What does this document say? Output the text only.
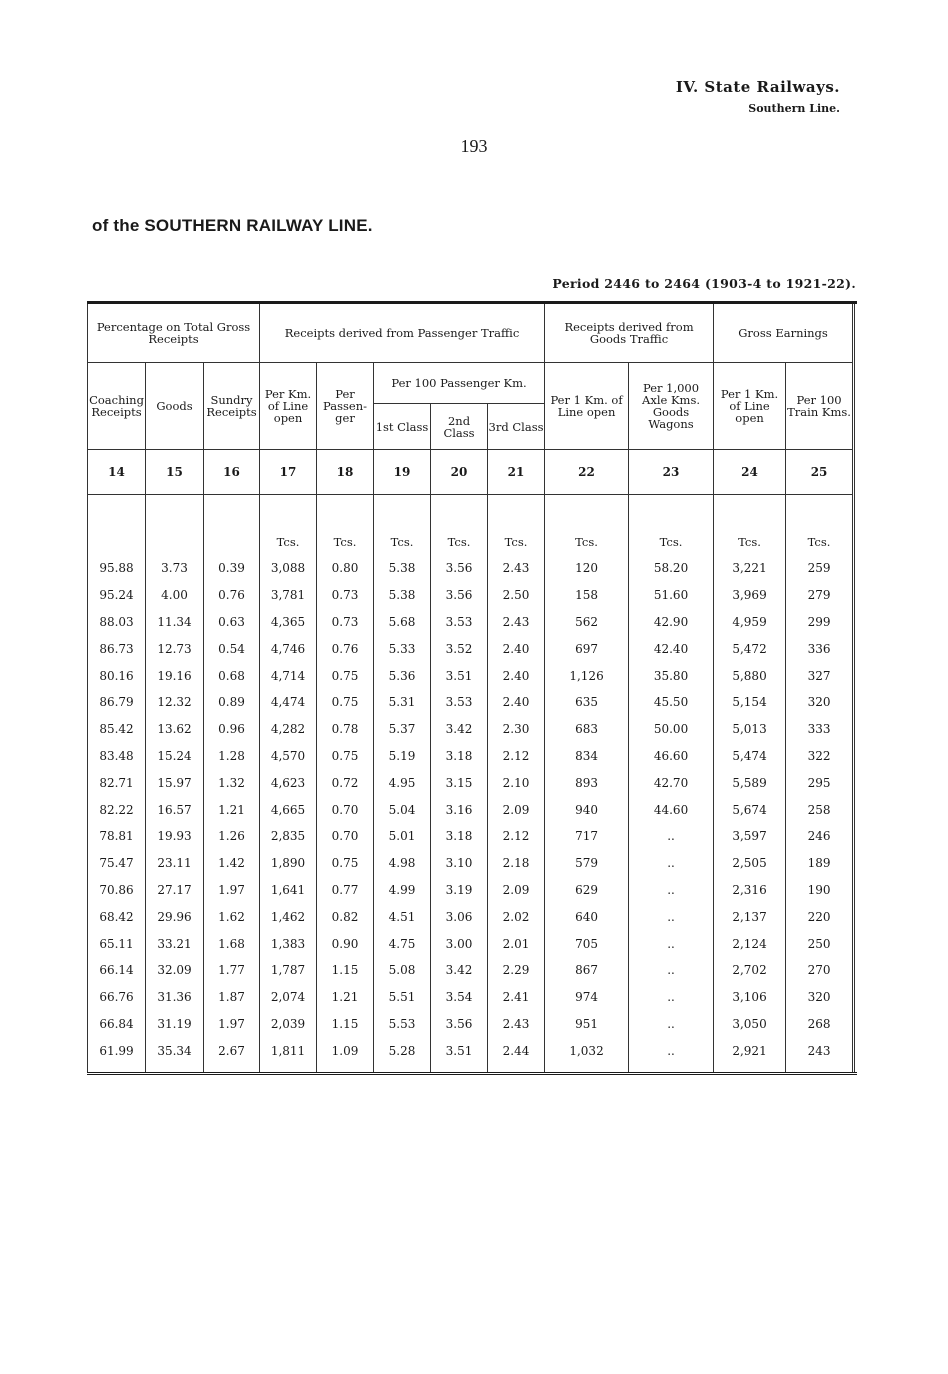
IV. State Railways.
Southern Line.
193
of the SOUTHERN RAILWAY LINE.
Period 2446 to 2464 (1903-4 to 1921-22).
Percentage on Total Gross Receipts			Receipts derived from Passenger Traffic					Receipts derived from Goods Traffic		Gross Earnings	
Coaching Receipts	Goods	Sundry Receipts	Per Km. of Line open	Per Passen- ger	Per 100 Passenger Km.			Per 1 Km. of Line open	Per 1,000 Axle Kms. Goods Wagons	Per 1 Km. of Line open	Per 100 Train Kms.
					1st Class	2nd Class	3rd Class				
14	15	16	17	18	19	20	21	22	23	24	25
			Tcs.	Tcs.	Tcs.	Tcs.	Tcs.	Tcs.	Tcs.	Tcs.	Tcs.
95.88	3.73	0.39	3,088	0.80	5.38	3.56	2.43	120	58.20	3,221	259
95.24	4.00	0.76	3,781	0.73	5.38	3.56	2.50	158	51.60	3,969	279
88.03	11.34	0.63	4,365	0.73	5.68	3.53	2.43	562	42.90	4,959	299
86.73	12.73	0.54	4,746	0.76	5.33	3.52	2.40	697	42.40	5,472	336
80.16	19.16	0.68	4,714	0.75	5.36	3.51	2.40	1,126	35.80	5,880	327
86.79	12.32	0.89	4,474	0.75	5.31	3.53	2.40	635	45.50	5,154	320
85.42	13.62	0.96	4,282	0.78	5.37	3.42	2.30	683	50.00	5,013	333
83.48	15.24	1.28	4,570	0.75	5.19	3.18	2.12	834	46.60	5,474	322
82.71	15.97	1.32	4,623	0.72	4.95	3.15	2.10	893	42.70	5,589	295
82.22	16.57	1.21	4,665	0.70	5.04	3.16	2.09	940	44.60	5,674	258
78.81	19.93	1.26	2,835	0.70	5.01	3.18	2.12	717	..	3,597	246
75.47	23.11	1.42	1,890	0.75	4.98	3.10	2.18	579	..	2,505	189
70.86	27.17	1.97	1,641	0.77	4.99	3.19	2.09	629	..	2,316	190
68.42	29.96	1.62	1,462	0.82	4.51	3.06	2.02	640	..	2,137	220
65.11	33.21	1.68	1,383	0.90	4.75	3.00	2.01	705	..	2,124	250
66.14	32.09	1.77	1,787	1.15	5.08	3.42	2.29	867	..	2,702	270
66.76	31.36	1.87	2,074	1.21	5.51	3.54	2.41	974	..	3,106	320
66.84	31.19	1.97	2,039	1.15	5.53	3.56	2.43	951	..	3,050	268
61.99	35.34	2.67	1,811	1.09	5.28	3.51	2.44	1,032	..	2,921	243
